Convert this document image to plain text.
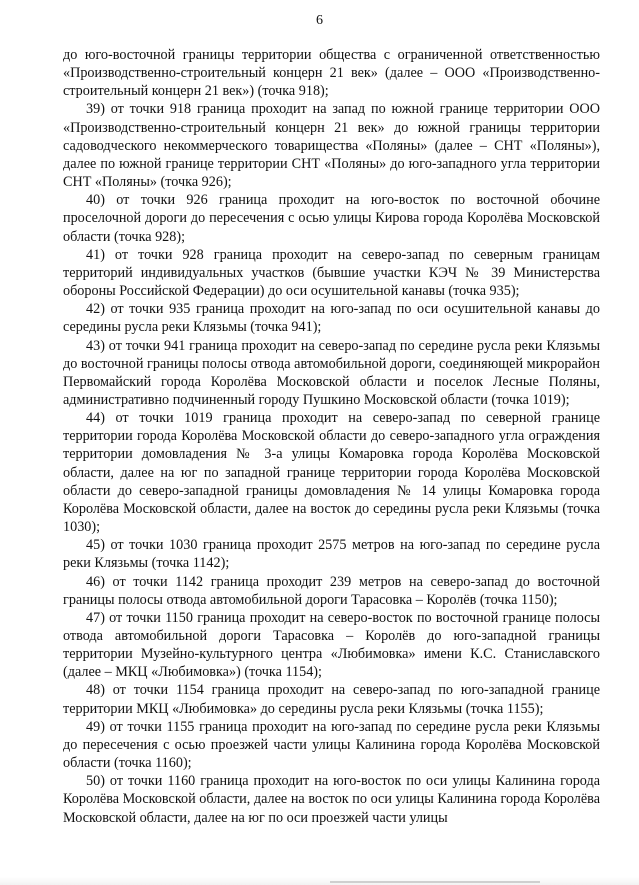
6

до юго-восточной границы территории общества с ограниченной ответственностью «Производственно-строительный концерн 21 век» (далее – ООО «Производственно-строительный концерн 21 век») (точка 918);

39) от точки 918 граница проходит на запад по южной границе территории ООО «Производственно-строительный концерн 21 век» до южной границы территории садоводческого некоммерческого товарищества «Поляны» (далее – СНТ «Поляны»), далее по южной границе территории СНТ «Поляны» до юго-западного угла территории СНТ «Поляны» (точка 926);

40) от точки 926 граница проходит на юго-восток по восточной обочине проселочной дороги до пересечения с осью улицы Кирова города Королёва Московской области (точка 928);

41) от точки 928 граница проходит на северо-запад по северным границам территорий индивидуальных участков (бывшие участки КЭЧ № 39 Министерства обороны Российской Федерации) до оси осушительной канавы (точка 935);

42) от точки 935 граница проходит на юго-запад по оси осушительной канавы до середины русла реки Клязьмы (точка 941);

43) от точки 941 граница проходит на северо-запад по середине русла реки Клязьмы до восточной границы полосы отвода автомобильной дороги, соединяющей микрорайон Первомайский города Королёва Московской области и поселок Лесные Поляны, административно подчиненный городу Пушкино Московской области (точка 1019);

44) от точки 1019 граница проходит на северо-запад по северной границе территории города Королёва Московской области до северо-западного угла ограждения территории домовладения № 3-а улицы Комаровка города Королёва Московской области, далее на юг по западной границе территории города Королёва Московской области до северо-западной границы домовладения № 14 улицы Комаровка города Королёва Московской области, далее на восток до середины русла реки Клязьмы (точка 1030);

45) от точки 1030 граница проходит 2575 метров на юго-запад по середине русла реки Клязьмы (точка 1142);

46) от точки 1142 граница проходит 239 метров на северо-запад до восточной границы полосы отвода автомобильной дороги Тарасовка – Королёв (точка 1150);

47) от точки 1150 граница проходит на северо-восток по восточной границе полосы отвода автомобильной дороги Тарасовка – Королёв до юго-западной границы территории Музейно-культурного центра «Любимовка» имени К.С. Станиславского (далее – МКЦ «Любимовка») (точка 1154);

48) от точки 1154 граница проходит на северо-запад по юго-западной границе территории МКЦ «Любимовка» до середины русла реки Клязьмы (точка 1155);

49) от точки 1155 граница проходит на юго-запад по середине русла реки Клязьмы до пересечения с осью проезжей части улицы Калинина города Королёва Московской области (точка 1160);

50) от точки 1160 граница проходит на юго-восток по оси улицы Калинина города Королёва Московской области, далее на восток по оси улицы Калинина города Королёва Московской области, далее на юг по оси проезжей части улицы
